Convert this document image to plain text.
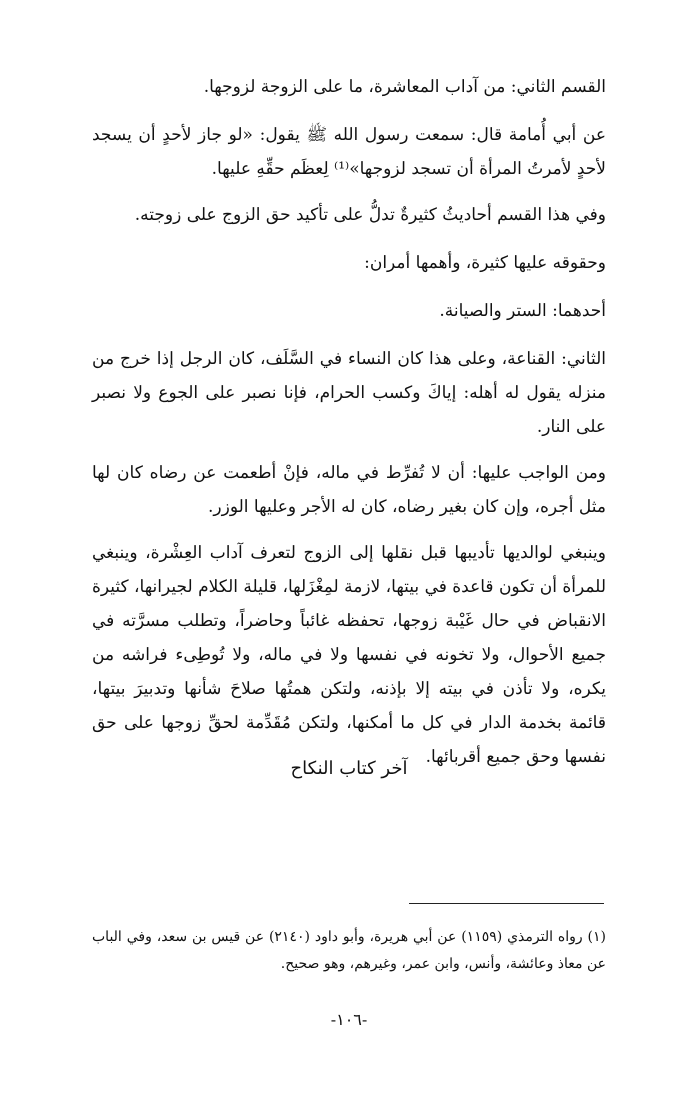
القسم الثاني: من آداب المعاشرة، ما على الزوجة لزوجها.

عن أبي أُمامة قال: سمعت رسول الله ﷺ يقول: «لو جاز لأحدٍ أن يسجد لأحدٍ لأمرتُ المرأة أن تسجد لزوجها»⁽¹⁾ لِعظَم حقِّهِ عليها.

وفي هذا القسم أحاديثُ كثيرةٌ تدلُّ على تأكيد حق الزوج على زوجته.

وحقوقه عليها كثيرة، وأهمها أمران:

أحدهما: الستر والصيانة.

الثاني: القناعة، وعلى هذا كان النساء في السَّلَف، كان الرجل إذا خرج من منزله يقول له أهله: إياكَ وكسب الحرام، فإنا نصبر على الجوع ولا نصبر على النار.

ومن الواجب عليها: أن لا تُفرِّط في ماله، فإنْ أطعمت عن رضاه كان لها مثل أجره، وإن كان بغير رضاه، كان له الأجر وعليها الوزر.

وينبغي لوالديها تأديبها قبل نقلها إلى الزوج لتعرف آداب العِشْرة، وينبغي للمرأة أن تكون قاعدة في بيتها، لازمة لمِغْزَلها، قليلة الكلام لجيرانها، كثيرة الانقباض في حال غَيْبة زوجها، تحفظه غائباً وحاضراً، وتطلب مسرَّته في جميع الأحوال، ولا تخونه في نفسها ولا في ماله، ولا تُوطِىء فراشه من يكره، ولا تأذن في بيته إلا بإذنه، ولتكن همتُها صلاحَ شأنها وتدبيرَ بيتها، قائمة بخدمة الدار في كل ما أمكنها، ولتكن مُقَدِّمة لحقِّ زوجها على حق نفسها وحق جميع أقربائها.

آخر كتاب النكاح

(١) رواه الترمذي (١١٥٩) عن أبي هريرة، وأبو داود (٢١٤٠) عن قيس بن سعد، وفي الباب عن معاذ وعائشة، وأنس، وابن عمر، وغيرهم، وهو صحيح.

-١٠٦-
